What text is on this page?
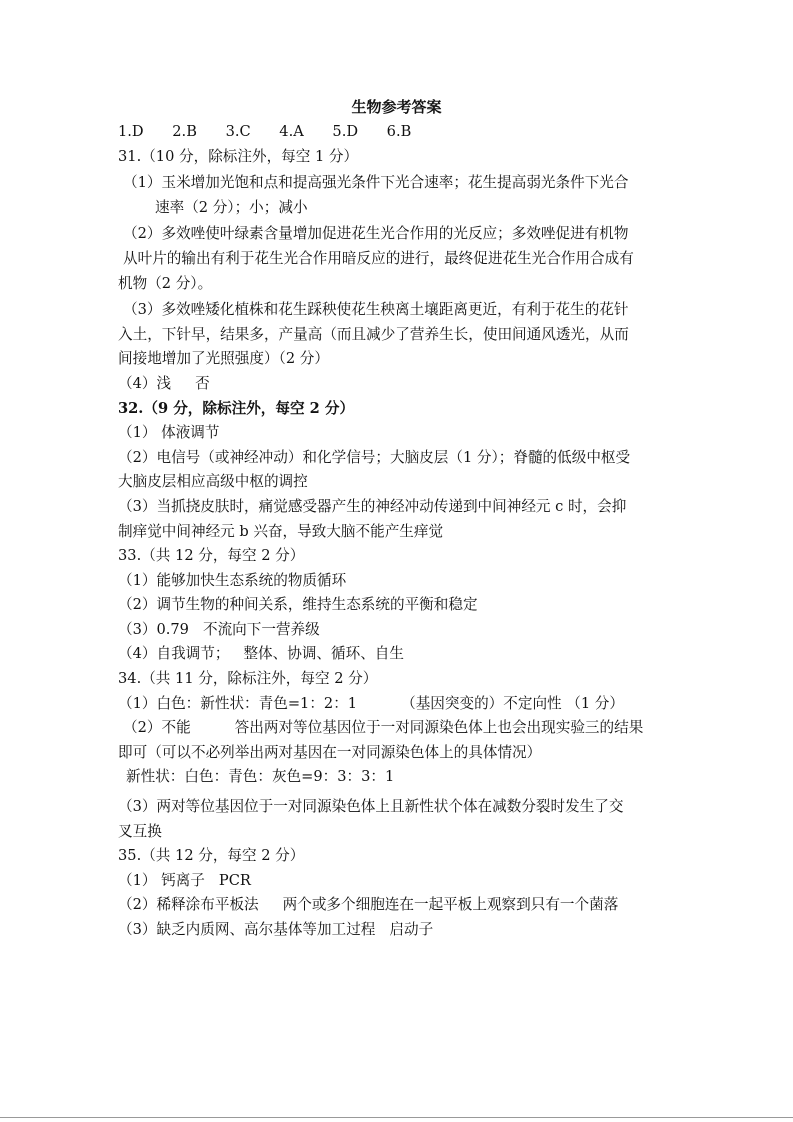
生物参考答案
1.D 2.B 3.C 4.A 5.D 6.B
31.（10 分，除标注外，每空 1 分）
（1）玉米增加光饱和点和提高强光条件下光合速率；花生提高弱光条件下光合
速率（2 分）；小；减小
（2）多效唑使叶绿素含量增加促进花生光合作用的光反应；多效唑促进有机物
从叶片的输出有利于花生光合作用暗反应的进行，最终促进花生光合作用合成有
机物（2 分）。
（3）多效唑矮化植株和花生踩秧使花生秧离土壤距离更近，有利于花生的花针
入土，下针早，结果多，产量高（而且减少了营养生长，使田间通风透光，从而
间接地增加了光照强度）（2 分）
（4）浅 否
32.（9 分，除标注外，每空 2 分）
（1） 体液调节
（2）电信号（或神经冲动）和化学信号；大脑皮层（1 分）；脊髓的低级中枢受
大脑皮层相应高级中枢的调控
（3）当抓挠皮肤时，痛觉感受器产生的神经冲动传递到中间神经元 c 时，会抑
制痒觉中间神经元 b 兴奋，导致大脑不能产生痒觉
33.（共 12 分，每空 2 分）
（1）能够加快生态系统的物质循环
（2）调节生物的种间关系，维持生态系统的平衡和稳定
（3）0.79 不流向下一营养级
（4）自我调节； 整体、协调、循环、自生
34.（共 11 分，除标注外，每空 2 分）
（1）白色：新性状：青色=1：2：1	（基因突变的）不定向性 （1 分）
（2）不能	答出两对等位基因位于一对同源染色体上也会出现实验三的结果
即可（可以不必列举出两对基因在一对同源染色体上的具体情况）
新性状：白色：青色：灰色=9：3：3：1
（3）两对等位基因位于一对同源染色体上且新性状个体在减数分裂时发生了交
叉互换
35.（共 12 分，每空 2 分）
（1） 钙离子 PCR
（2）稀释涂布平板法 两个或多个细胞连在一起平板上观察到只有一个菌落
（3）缺乏内质网、高尔基体等加工过程 启动子
